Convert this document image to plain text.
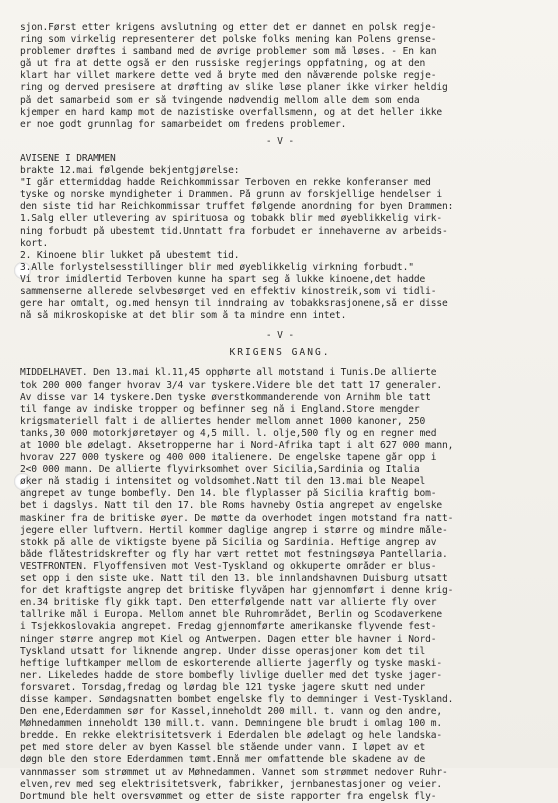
sjon.Først etter krigens avslutning og etter det er dannet en polsk regje-
ring som virkelig representerer det polske folks mening kan Polens grense-
problemer drøftes i samband med de øvrige problemer som må løses. - En kan
gå ut fra at dette også er den russiske regjerings oppfatning, og at den
klart har villet markere dette ved å bryte med den nåværende polske regje-
ring og derved presisere at drøfting av slike løse planer ikke virker heldig
på det samarbeid som er så tvingende nødvendig mellom alle dem som enda
kjemper en hard kamp mot de nazistiske overfallsmenn, og at det heller ikke
er noe godt grunnlag for samarbeidet om fredens problemer.
- V -
AVISENE I DRAMMEN
brakte 12.mai følgende bekjentgjørelse:
"I går ettermiddag hadde Reichkommissar Terboven en rekke konferanser med
tyske og norske myndigheter i Drammen. På grunn av forskjellige hendelser i
den siste tid har Reichkommissar truffet følgende anordning for byen Drammen:
1.Salg eller utlevering av spirituosa og tobakk blir med øyeblikkelig virk-
ning forbudt på ubestemt tid.Unntatt fra forbudet er innehaverne av arbeids-
kort.
2. Kinoene blir lukket på ubestemt tid.
3.Alle forlystelsesstillinger blir med øyeblikkelig virkning forbudt."
Vi tror imidlertid Terboven kunne ha spart seg å lukke kinoene,det hadde
sammenserne allerede selvbesørget ved en effektiv kinostreik,som vi tidli-
gere har omtalt, og.med hensyn til inndraing av tobakksrasjonene,så er disse
nå så mikroskopiske at det blir som å ta mindre enn intet.
- V -
KRIGENS GANG.
MIDDELHAVET. Den 13.mai kl.11,45 opphørte all motstand i Tunis.De allierte
tok 200 000 fanger hvorav 3/4 var tyskere.Videre ble det tatt 17 generaler.
Av disse var 14 tyskere.Den tyske øverstkommanderende von Arnihm ble tatt
til fange av indiske tropper og befinner seg nå i England.Store mengder
krigsmateriell falt i de alliertes hender mellom annet 1000 kanoner, 250
tanks,30 000 motorkjøretøyer og 4,5 mill. l. olje,500 fly og en regner med
at 1000 ble ødelagt. Aksetroppernе har i Nord-Afrika tapt i alt 627 000 mann,
hvorav 227 000 tyskere og 400 000 italienere. De engelske tapene går opp i
2<0 000 mann. De allierte flyvirksomhet over Sicilia,Sardinia og Italia
øker nå stadig i intensitet og voldsomhet.Natt til den 13.mai ble Neapel
angrepet av tunge bombefly. Den 14. ble flyplasser på Sicilia kraftig bom-
bet i dagslys. Natt til den 17. ble Roms havneby Ostia angrepet av engelske
maskiner fra de britiske øyer. De møtte da overhodet ingen motstand fra natt-
jegere eller luftvern. Hertil kommer daglige angrep i større og mindre måle-
stokk på alle de viktigste byene på Sicilia og Sardinia. Heftige angrep av
både flåtestridskrefter og fly har vært rettet mot festningsøya Pantellaria.
VESTFRONTEN. Flyoffensiven mot Vest-Tyskland og okkuperte områder er blus-
set opp i den siste uke. Natt til den 13. ble innlandshavnen Duisburg utsatt
for det kraftigste angrep det britiske flyvåpen har gjennomført i denne krig-
en.34 britiske fly gikk tapt. Den etterfølgende natt var allierte fly over
tallrike mål i Europa. Mellom annet ble Ruhrområdet, Berlin og Scodaverkene
i Tsjekkoslovakia angrepet. Fredag gjennomførte amerikanske flyvende fest-
ninger større angrep mot Kiel og Antwerpen. Dagen etter ble havner i Nord-
Tyskland utsatt for liknende angrep. Under disse operasjoner kom det til
heftige luftkamper mellom de eskorterende allierte jagerfly og tyske maski-
ner. Likeledes hadde de store bombefly livlige dueller med det tyske jager-
forsvaret. Torsdag,fredag og lørdag ble 121 tyske jagere skutt ned under
disse kamper. Søndagsnatten bombet engelske fly to demninger i Vest-Tyskland.
Den ene,Ederdammen sør for Kassel,inneholdt 200 mill. t. vann og den andre,
Møhnedammen inneholdt 130 mill.t. vann. Demningene ble brudt i omlag 100 m.
bredde. En rekke elektrisitetsverk i Ederdalen ble ødelagt og hele landska-
pet med store deler av byen Kassel ble stående under vann. I løpet av et
døgn ble den store Ederdammen tømt.Ennå mer omfattende ble skadene av de
vannmasser som strømmet ut av Møhnedammen. Vannet som strømmet nedover Ruhr-
elven,rev med seg elektrisitetsverk, fabrikker, jernbanestasjoner og veier.
Dortmund ble helt oversvømmet og etter de siste rapporter fra engelsk fly-
